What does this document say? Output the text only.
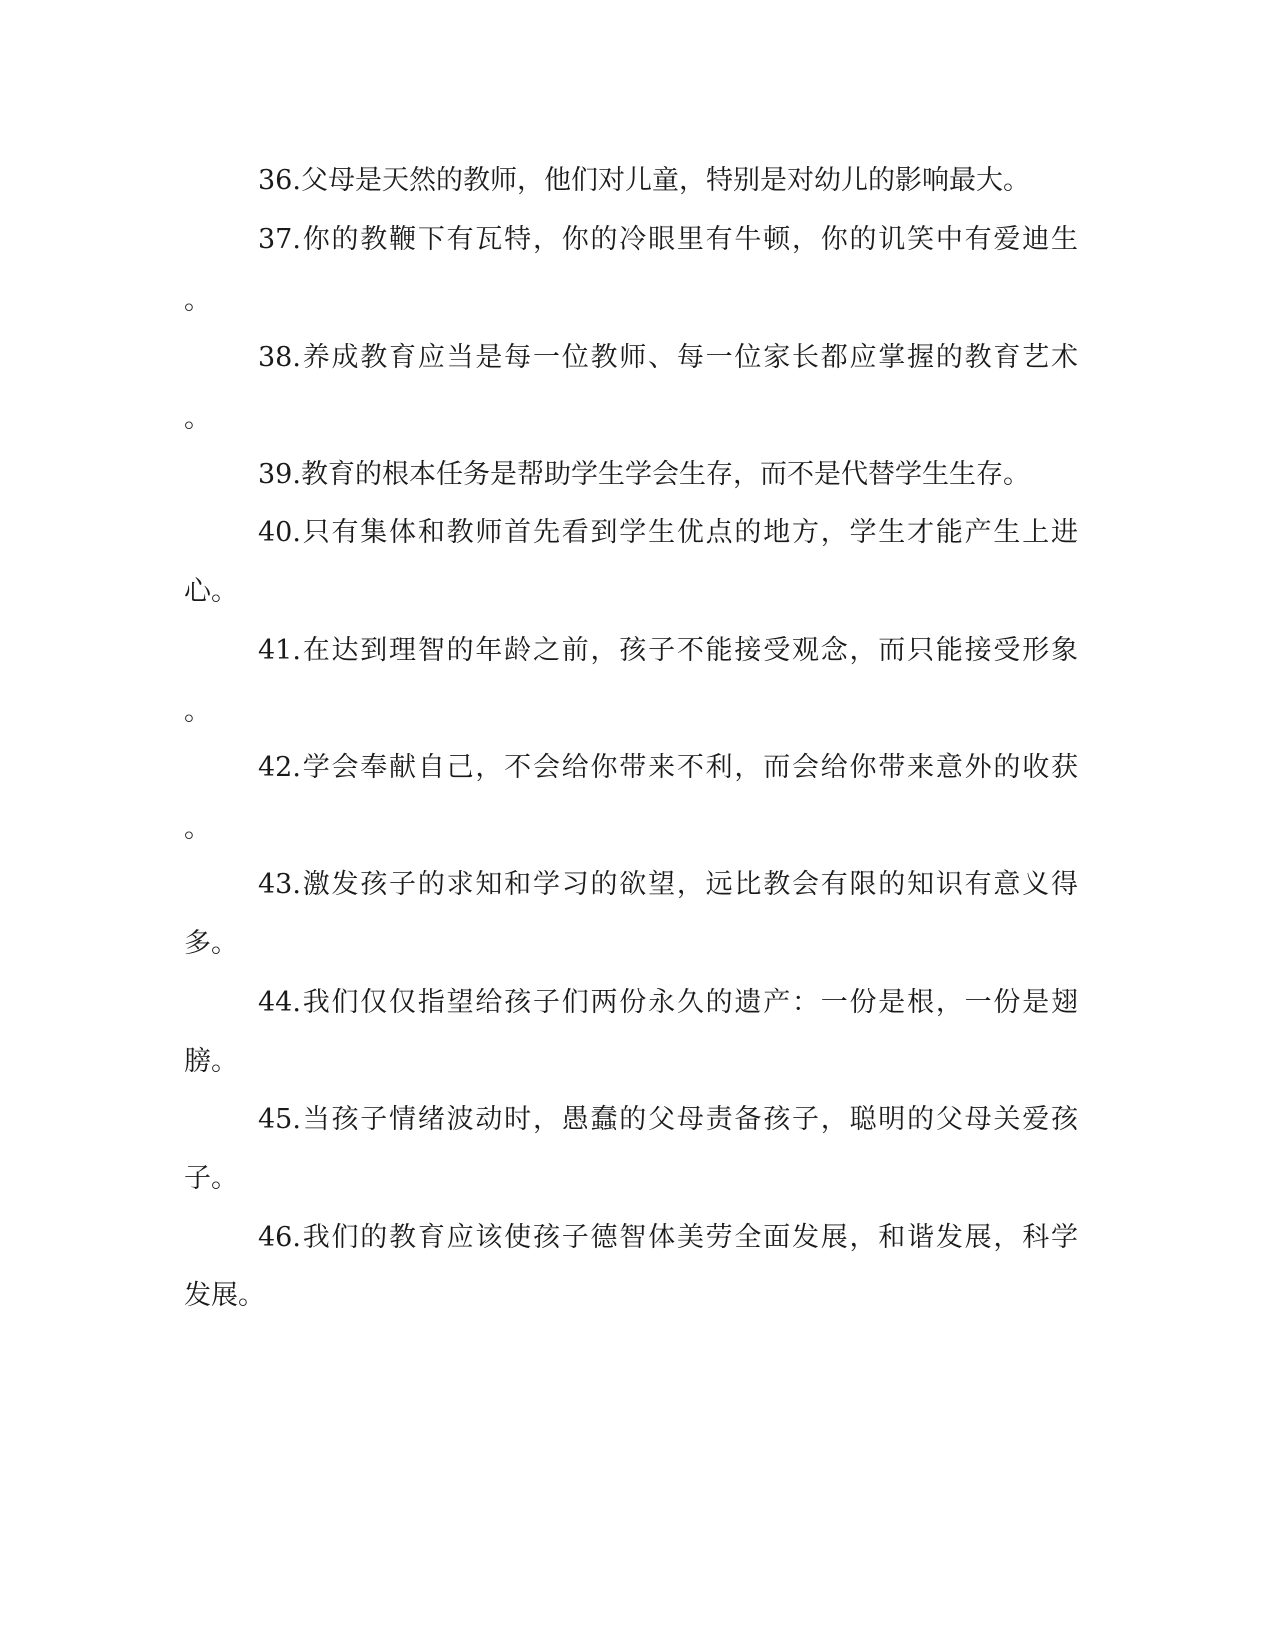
36.父母是天然的教师，他们对儿童，特别是对幼儿的影响最大。
37.你的教鞭下有瓦特，你的冷眼里有牛顿，你的讥笑中有爱迪生
。
38.养成教育应当是每一位教师、每一位家长都应掌握的教育艺术
。
39.教育的根本任务是帮助学生学会生存，而不是代替学生生存。
40.只有集体和教师首先看到学生优点的地方，学生才能产生上进
心。
41.在达到理智的年龄之前，孩子不能接受观念，而只能接受形象
。
42.学会奉献自己，不会给你带来不利，而会给你带来意外的收获
。
43.激发孩子的求知和学习的欲望，远比教会有限的知识有意义得
多。
44.我们仅仅指望给孩子们两份永久的遗产：一份是根，一份是翅
膀。
45.当孩子情绪波动时，愚蠢的父母责备孩子，聪明的父母关爱孩
子。
46.我们的教育应该使孩子德智体美劳全面发展，和谐发展，科学
发展。
